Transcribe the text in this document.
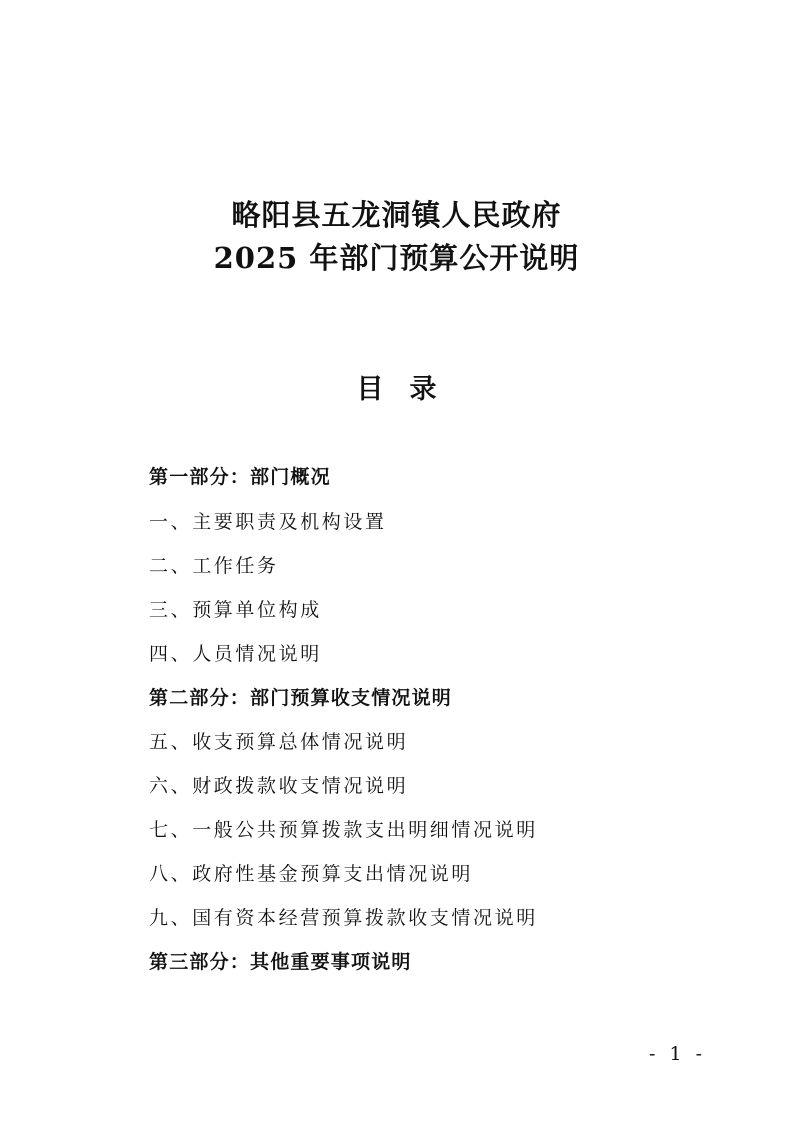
略阳县五龙洞镇人民政府
2025 年部门预算公开说明
目 录
第一部分：部门概况
一、主要职责及机构设置
二、工作任务
三、预算单位构成
四、人员情况说明
第二部分：部门预算收支情况说明
五、收支预算总体情况说明
六、财政拨款收支情况说明
七、一般公共预算拨款支出明细情况说明
八、政府性基金预算支出情况说明
九、国有资本经营预算拨款收支情况说明
第三部分：其他重要事项说明
- 1 -
